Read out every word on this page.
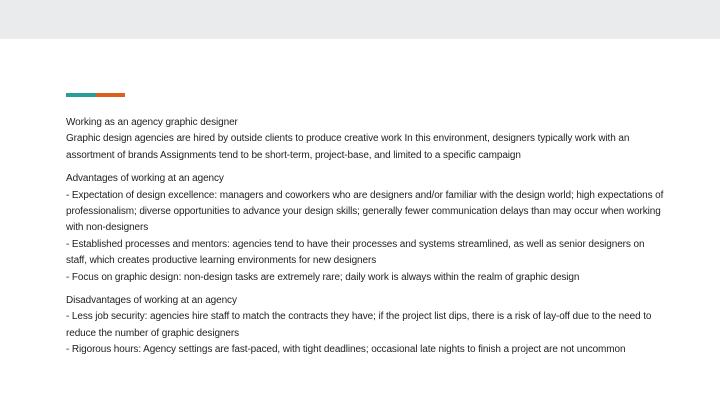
Working as an agency graphic designer

Graphic design agencies are hired by outside clients to produce creative work In this environment, designers typically work with an assortment of brands Assignments tend to be short-term, project-base, and limited to a specific campaign

Advantages of working at an agency

- Expectation of design excellence: managers and coworkers who are designers and/or familiar with the design world; high expectations of professionalism; diverse opportunities to advance your design skills; generally fewer communication delays than may occur when working with non-designers

- Established processes and mentors: agencies tend to have their processes and systems streamlined, as well as senior designers on staff, which creates productive learning environments for new designers

- Focus on graphic design: non-design tasks are extremely rare; daily work is always within the realm of graphic design

Disadvantages of working at an agency

- Less job security: agencies hire staff to match the contracts they have; if the project list dips, there is a risk of lay-off due to the need to reduce the number of graphic designers

- Rigorous hours: Agency settings are fast-paced, with tight deadlines; occasional late nights to finish a project are not uncommon
